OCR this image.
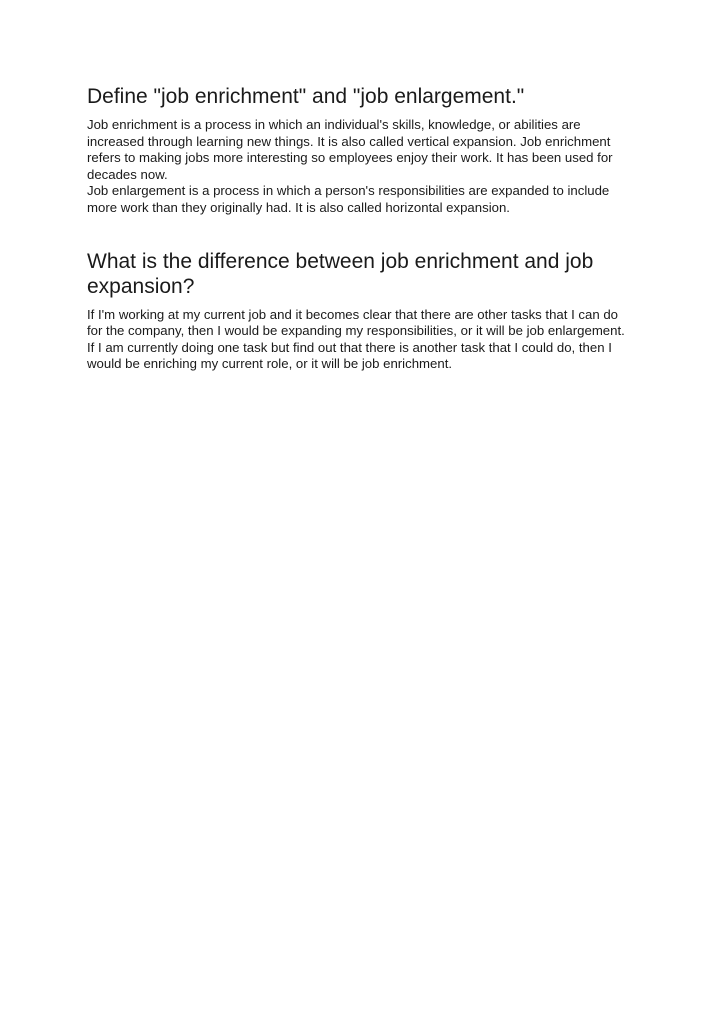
Define "job enrichment" and "job enlargement."

Job enrichment is a process in which an individual's skills, knowledge, or abilities are increased through learning new things. It is also called vertical expansion. Job enrichment refers to making jobs more interesting so employees enjoy their work. It has been used for decades now.

Job enlargement is a process in which a person's responsibilities are expanded to include more work than they originally had. It is also called horizontal expansion.

What is the difference between job enrichment and job expansion?

If I'm working at my current job and it becomes clear that there are other tasks that I can do for the company, then I would be expanding my responsibilities, or it will be job enlargement.

If I am currently doing one task but find out that there is another task that I could do, then I would be enriching my current role, or it will be job enrichment.
